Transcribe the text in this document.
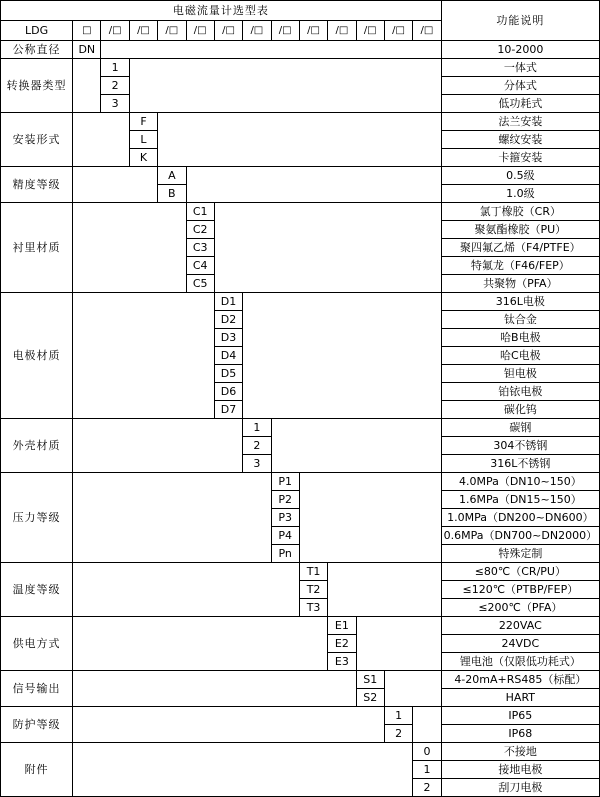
电磁流量计选型表														功能说明
LDG	□	/□	/□	/□	/□	/□	/□	/□	/□	/□	/□	/□	/□	
公称直径	DN													10-2000
转换器类型		1												一体式
		2												分体式
		3												低功耗式
安装形式			F											法兰安装
			L											螺纹安装
			K											卡箍安装
精度等级				A										0.5级
				B										1.0级
衬里材质					C1									氯丁橡胶（CR）
					C2									聚氨酯橡胶（PU）
					C3									聚四氟乙烯（F4/PTFE）
					C4									特氟龙（F46/FEP）
					C5									共聚物（PFA）
电极材质						D1								316L电极
						D2								钛合金
						D3								哈B电极
						D4								哈C电极
						D5								钽电极
						D6								铂铱电极
						D7								碳化钨
外壳材质							1							碳钢
							2							304不锈钢
							3							316L不锈钢
压力等级								P1						4.0MPa（DN10~150）
								P2						1.6MPa（DN15~150）
								P3						1.0MPa（DN200~DN600）
								P4						0.6MPa（DN700~DN2000）
								Pn						特殊定制
温度等级									T1					≤80℃（CR/PU）
									T2					≤120℃（PTBP/FEP）
									T3					≤200℃（PFA）
供电方式										E1				220VAC
										E2				24VDC
										E3				锂电池（仅限低功耗式）
信号输出											S1			4-20mA+RS485（标配）
											S2			HART
防护等级												1		IP65
												2		IP68
附件													0	不接地
													1	接地电极
													2	刮刀电极
